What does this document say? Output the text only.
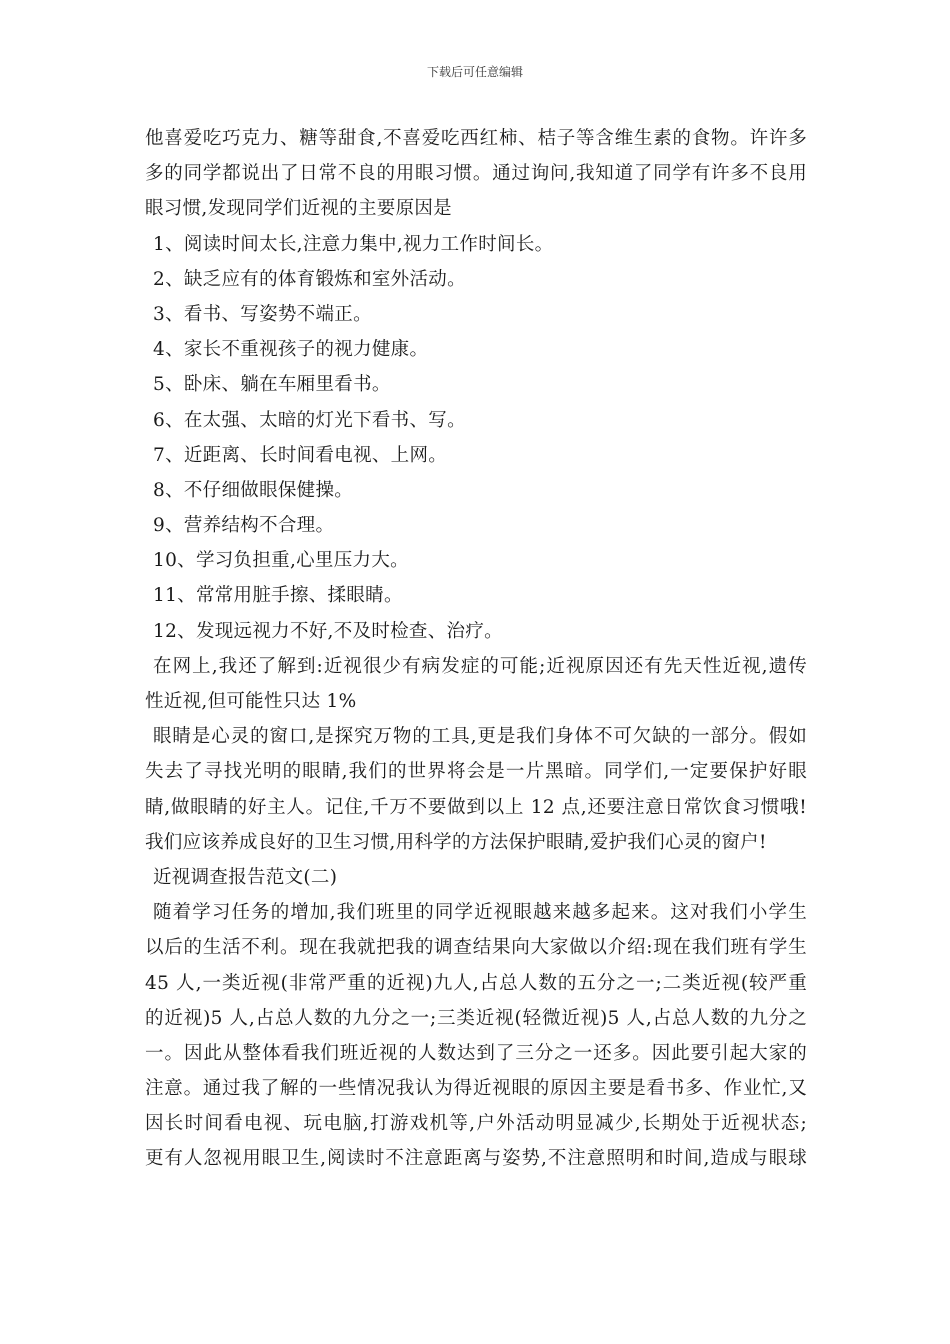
下载后可任意编辑

他喜爱吃巧克力、糖等甜食,不喜爱吃西红柿、桔子等含维生素的食物。许许多

多的同学都说出了日常不良的用眼习惯。通过询问,我知道了同学有许多不良用

眼习惯,发现同学们近视的主要原因是

1、阅读时间太长,注意力集中,视力工作时间长。

2、缺乏应有的体育锻炼和室外活动。

3、看书、写姿势不端正。

4、家长不重视孩子的视力健康。

5、卧床、躺在车厢里看书。

6、在太强、太暗的灯光下看书、写。

7、近距离、长时间看电视、上网。

8、不仔细做眼保健操。

9、营养结构不合理。

10、学习负担重,心里压力大。

11、常常用脏手擦、揉眼睛。

12、发现远视力不好,不及时检查、治疗。

在网上,我还了解到:近视很少有病发症的可能;近视原因还有先天性近视,遗传

性近视,但可能性只达 1%

眼睛是心灵的窗口,是探究万物的工具,更是我们身体不可欠缺的一部分。假如

失去了寻找光明的眼睛,我们的世界将会是一片黑暗。同学们,一定要保护好眼

睛,做眼睛的好主人。记住,千万不要做到以上 12 点,还要注意日常饮食习惯哦!

我们应该养成良好的卫生习惯,用科学的方法保护眼睛,爱护我们心灵的窗户!

近视调查报告范文(二)

随着学习任务的增加,我们班里的同学近视眼越来越多起来。这对我们小学生

以后的生活不利。现在我就把我的调查结果向大家做以介绍:现在我们班有学生

45 人,一类近视(非常严重的近视)九人,占总人数的五分之一;二类近视(较严重

的近视)5 人,占总人数的九分之一;三类近视(轻微近视)5 人,占总人数的九分之

一。因此从整体看我们班近视的人数达到了三分之一还多。因此要引起大家的

注意。通过我了解的一些情况我认为得近视眼的原因主要是看书多、作业忙,又

因长时间看电视、玩电脑,打游戏机等,户外活动明显减少,长期处于近视状态;

更有人忽视用眼卫生,阅读时不注意距离与姿势,不注意照明和时间,造成与眼球
